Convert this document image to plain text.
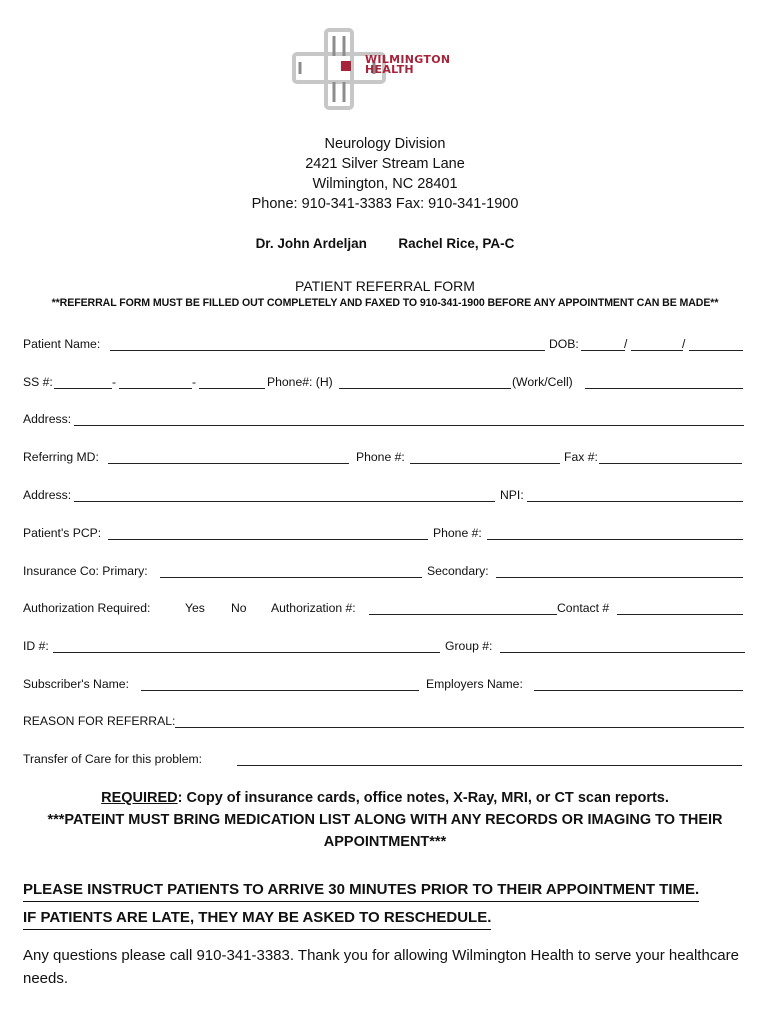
WILMINGTON
HEALTH
Neurology Division
2421 Silver Stream Lane
Wilmington, NC 28401
Phone: 910-341-3383 Fax: 910-341-1900
Dr. John Ardeljan Rachel Rice, PA-C
PATIENT REFERRAL FORM
**REFERRAL FORM MUST BE FILLED OUT COMPLETELY AND FAXED TO 910-341-1900 BEFORE ANY APPOINTMENT CAN BE MADE**
Patient Name:	DOB:	/	/
SS #:	-	-	Phone#: (H)	(Work/Cell)
Address:
Referring MD:	Phone #:	Fax #:
Address:	NPI:
Patient's PCP:	Phone #:
Insurance Co: Primary:	Secondary:
Authorization Required:	Yes No Authorization #:	Contact #
ID #:	Group #:
Subscriber's Name:	Employers Name:
REASON FOR REFERRAL:
Transfer of Care for this problem:
REQUIRED: Copy of insurance cards, office notes, X-Ray, MRI, or CT scan reports.
***PATEINT MUST BRING MEDICATION LIST ALONG WITH ANY RECORDS OR IMAGING TO THEIR
APPOINTMENT***
PLEASE INSTRUCT PATIENTS TO ARRIVE 30 MINUTES PRIOR TO THEIR APPOINTMENT TIME.
IF PATIENTS ARE LATE, THEY MAY BE ASKED TO RESCHEDULE.
Any questions please call 910-341-3383. Thank you for allowing Wilmington Health to serve your healthcare needs.
